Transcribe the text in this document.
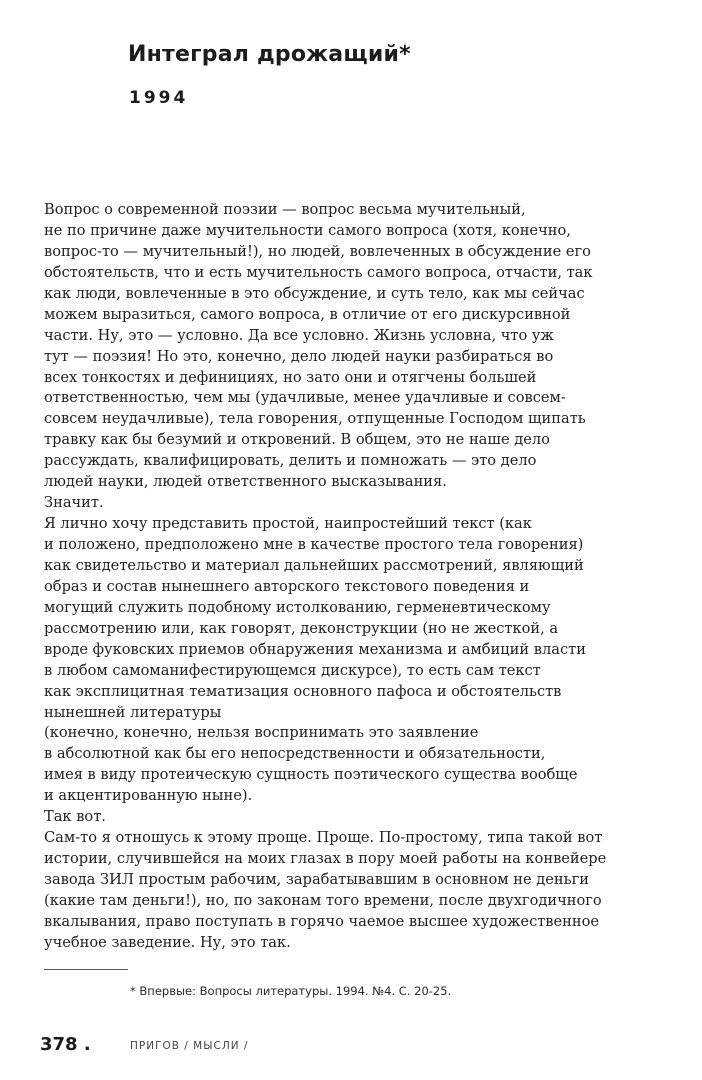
Интеграл дрожащий*
1994
Вопрос о современной поэзии — вопрос весьма мучительный,
не по причине даже мучительности самого вопроса (хотя, конечно,
вопрос-то — мучительный!), но людей, вовлеченных в обсуждение его
обстоятельств, что и есть мучительность самого вопроса, отчасти, так
как люди, вовлеченные в это обсуждение, и суть тело, как мы сейчас
можем выразиться, самого вопроса, в отличие от его дискурсивной
части. Ну, это — условно. Да все условно. Жизнь условна, что уж
тут — поэзия! Но это, конечно, дело людей науки разбираться во
всех тонкостях и дефинициях, но зато они и отягчены большей
ответственностью, чем мы (удачливые, менее удачливые и совсем-
совсем неудачливые), тела говорения, отпущенные Господом щипать
травку как бы безумий и откровений. В общем, это не наше дело
рассуждать, квалифицировать, делить и помножать — это дело
людей науки, людей ответственного высказывания.
Значит.
Я лично хочу представить простой, наипростейший текст (как
и положено, предположено мне в качестве простого тела говорения)
как свидетельство и материал дальнейших рассмотрений, являющий
образ и состав нынешнего авторского текстового поведения и
могущий служить подобному истолкованию, герменевтическому
рассмотрению или, как говорят, деконструкции (но не жесткой, а
вроде фуковских приемов обнаружения механизма и амбиций власти
в любом самоманифестирующемся дискурсе), то есть сам текст
как эксплицитная тематизация основного пафоса и обстоятельств
нынешней литературы
(конечно, конечно, нельзя воспринимать это заявление
в абсолютной как бы его непосредственности и обязательности,
имея в виду протеическую сущность поэтического существа вообще
и акцентированную ныне).
Так вот.
Сам-то я отношусь к этому проще. Проще. По-простому, типа такой вот
истории, случившейся на моих глазах в пору моей работы на конвейере
завода ЗИЛ простым рабочим, зарабатывавшим в основном не деньги
(какие там деньги!), но, по законам того времени, после двухгодичного
вкалывания, право поступать в горячо чаемое высшее художественное
учебное заведение. Ну, это так.
* Впервые: Вопросы литературы. 1994. №4. С. 20-25.
378 .	ПРИГОВ / МЫСЛИ /
